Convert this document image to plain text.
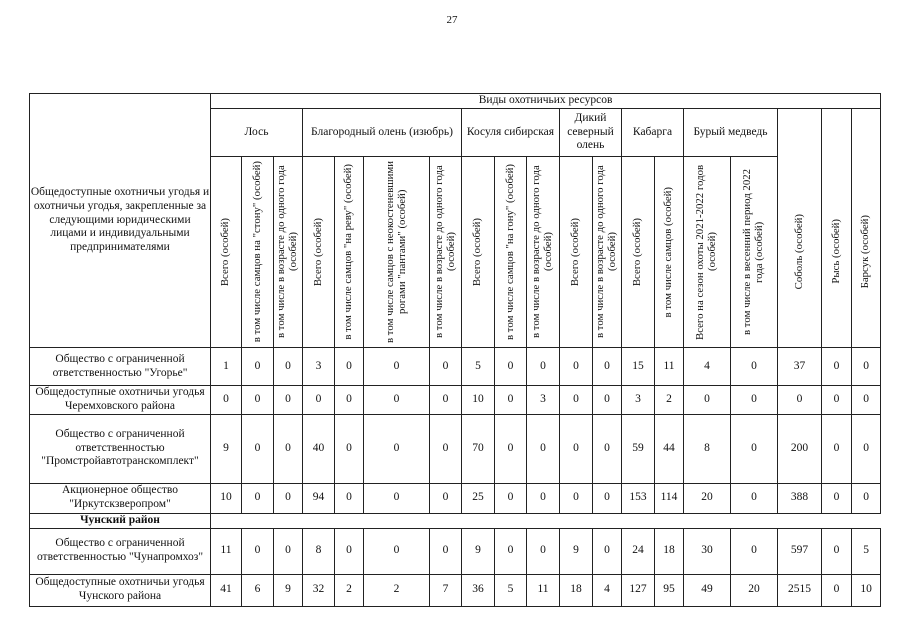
27
Общедоступные охотничьи угодья и охотничьи угодья, закрепленные за следующими юридическими лицами и индивидуальными предпринимателями	Виды охотничьих ресурсов																		
	Лось			Благородный олень (изюбрь)				Косуля сибирская			Дикий северный олень		Кабарга		Бурый медведь				

	Всего (особей)	в том числе самцов на "стону" (особей)	в том числе в возрасте до одного года (особей)	Всего (особей)	в том числе самцов "на реву" (особей)	в том числе самцов с неокостеневшими рогами "пантами" (особей)	в том числе в возрасте до одного года (особей)	Всего (особей)	в том числе самцов "на гону" (особей)	в том числе в возрасте до одного года (особей)	Всего (особей)	в том числе в возрасте до одного года (особей)	Всего (особей)	в том числе самцов (особей)	Всего на сезон охоты 2021-2022 годов (особей)	в том числе в весенний период 2022 года (особей)	Соболь (особей)	Рысь (особей)	Барсук (особей)

Общество с ограниченной ответственностью "Угорье"	1	0	0	3	0	0	0	5	0	0	0	0	15	11	4	0	37	0	0
Общедоступные охотничьи угодья Черемховского района	0	0	0	0	0	0	0	10	0	3	0	0	3	2	0	0	0	0	0
Общество с ограниченной ответственностью "Промстройавтотранскомплект"	9	0	0	40	0	0	0	70	0	0	0	0	59	44	8	0	200	0	0
Акционерное общество "Иркутскзверопром"	10	0	0	94	0	0	0	25	0	0	0	0	153	114	20	0	388	0	0
Чунский район																			
Общество с ограниченной ответственностью "Чунапромхоз"	11	0	0	8	0	0	0	9	0	0	9	0	24	18	30	0	597	0	5
Общедоступные охотничьи угодья Чунского района	41	6	9	32	2	2	7	36	5	11	18	4	127	95	49	20	2515	0	10
